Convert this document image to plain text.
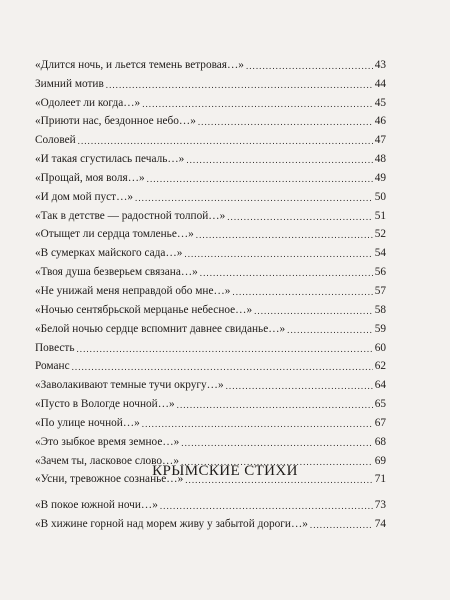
«Длится ночь, и льется темень ветровая…» . . .	43
Зимний мотив . . .	44
«Одолеет ли когда…» . . .	45
«Приюти нас, бездонное небо…» . . .	46
Соловей . . .	47
«И такая сгустилась печаль…» . . .	48
«Прощай, моя воля…» . . .	49
«И дом мой пуст…» . . .	50
«Так в детстве — радостной толпой…» . . .	51
«Отыщет ли сердца томленье…» . . .	52
«В сумерках майского сада…» . . .	54
«Твоя душа безверьем связана…» . . .	56
«Не унижай меня неправдой обо мне…» . . .	57
«Ночью сентябрьской мерцанье небесное…» . . .	58
«Белой ночью сердце вспомнит давнее свиданье…» . . .	59
Повесть . . .	60
Романс . . .	62
«Заволакивают темные тучи округу…» . . .	64
«Пусто в Вологде ночной…» . . .	65
«По улице ночной…» . . .	67
«Это зыбкое время земное…» . . .	68
«Зачем ты, ласковое слово…» . . .	69
«Усни, тревожное сознанье…» . . .	71
КРЫМСКИЕ СТИХИ
«В покое южной ночи…» . . .	73
«В хижине горной над морем живу у забытой дороги…» . . .	74
